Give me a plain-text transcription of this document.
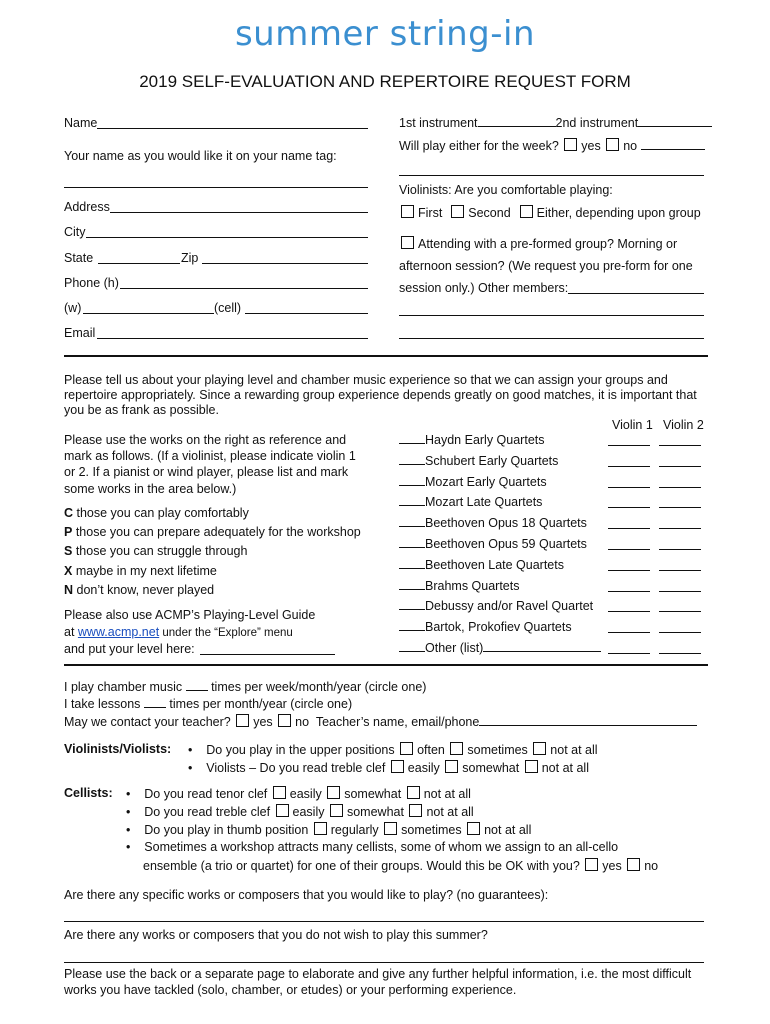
summer string-in
2019 SELF-EVALUATION AND REPERTOIRE REQUEST FORM
Name
Your name as you would like it on your name tag:
Address
City
State	Zip
Phone (h)
(w)	(cell)
Email
1st instrument	2nd instrument
Will play either for the week? yes no
Violinists: Are you comfortable playing:
First Second Either, depending upon group
Attending with a pre-formed group? Morning or
afternoon session? (We request you pre-form for one
session only.) Other members:
Please tell us about your playing level and chamber music experience so that we can assign your groups and
repertoire appropriately. Since a rewarding group experience depends greatly on good matches, it is important that
you be as frank as possible.
Please use the works on the right as reference and
mark as follows. (If a violinist, please indicate violin 1
or 2. If a pianist or wind player, please list and mark
some works in the area below.)
C those you can play comfortably
P those you can prepare adequately for the workshop
S those you can struggle through
X maybe in my next lifetime
N don’t know, never played
Please also use ACMP’s Playing-Level Guide
at www.acmp.net under the “Explore” menu
and put your level here:
Violin 1 Violin 2
Haydn Early Quartets
Schubert Early Quartets
Mozart Early Quartets
Mozart Late Quartets
Beethoven Opus 18 Quartets
Beethoven Opus 59 Quartets
Beethoven Late Quartets
Brahms Quartets
Debussy and/or Ravel Quartet
Bartok, Prokofiev Quartets
Other (list)
I play chamber music times per week/month/year (circle one)
I take lessons times per month/year (circle one)
May we contact your teacher? yes no Teacher’s name, email/phone
Violinists/Violists: •    Do you play in the upper positions often sometimes not at all
•    Violists – Do you read treble clef easily somewhat not at all
Cellists: •    Do you read tenor clef easily somewhat not at all
•    Do you read treble clef easily somewhat not at all
•    Do you play in thumb position regularly sometimes not at all
•    Sometimes a workshop attracts many cellists, some of whom we assign to an all-cello
ensemble (a trio or quartet) for one of their groups. Would this be OK with you? yes no
Are there any specific works or composers that you would like to play? (no guarantees):
Are there any works or composers that you do not wish to play this summer?
Please use the back or a separate page to elaborate and give any further helpful information, i.e. the most difficult
works you have tackled (solo, chamber, or etudes) or your performing experience.
